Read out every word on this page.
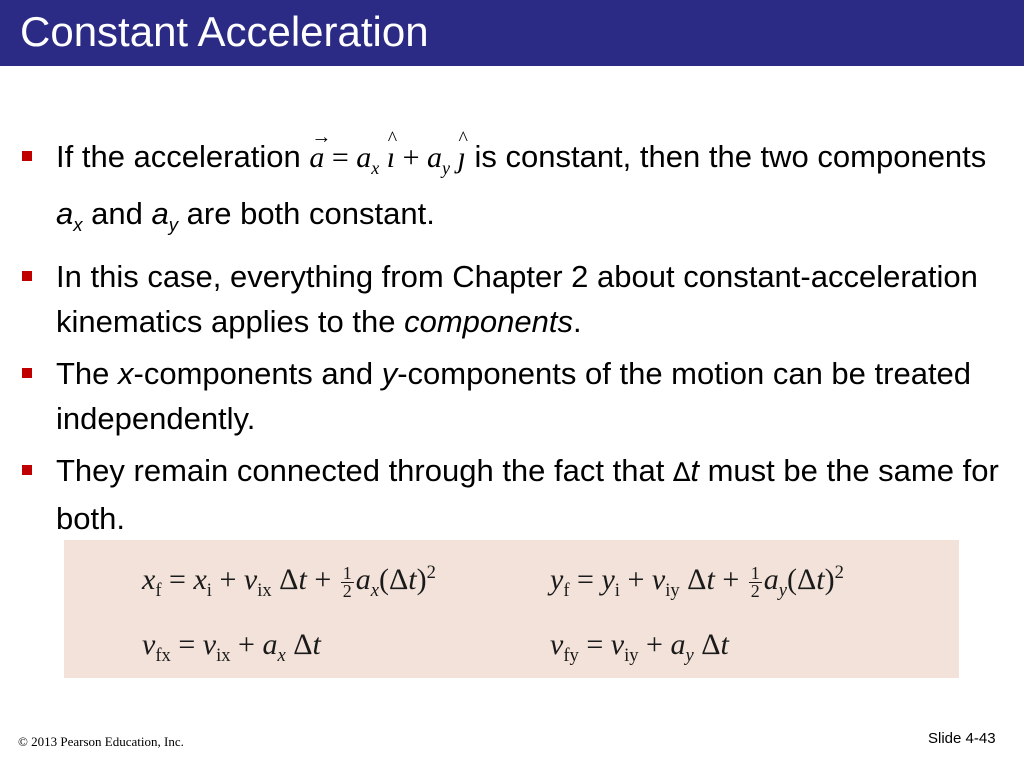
Constant Acceleration
If the acceleration → $a = a_x$ ^ ı + $a_y$ ^ ȷ is constant, then the two components $a_x$ and $a_y$ are both constant.
In this case, everything from Chapter 2 about constant-acceleration kinematics applies to the components.
The x-components and y-components of the motion can be treated independently.
They remain connected through the fact that ∆t must be the same for both.
$x_f = x_i + v_{ix}$ $\Delta t + \frac{1}{2} a_x(\Delta t)^2$	$y_f = y_i + v_{iy}$ $\Delta t + \frac{1}{2} a_y(\Delta t)^2$
$v_{fx} = v_{ix} + a_x$ Δt	$v_{fy} = v_{iy} + a_y$ Δt
© 2013 Pearson Education, Inc.	Slide 4-43
